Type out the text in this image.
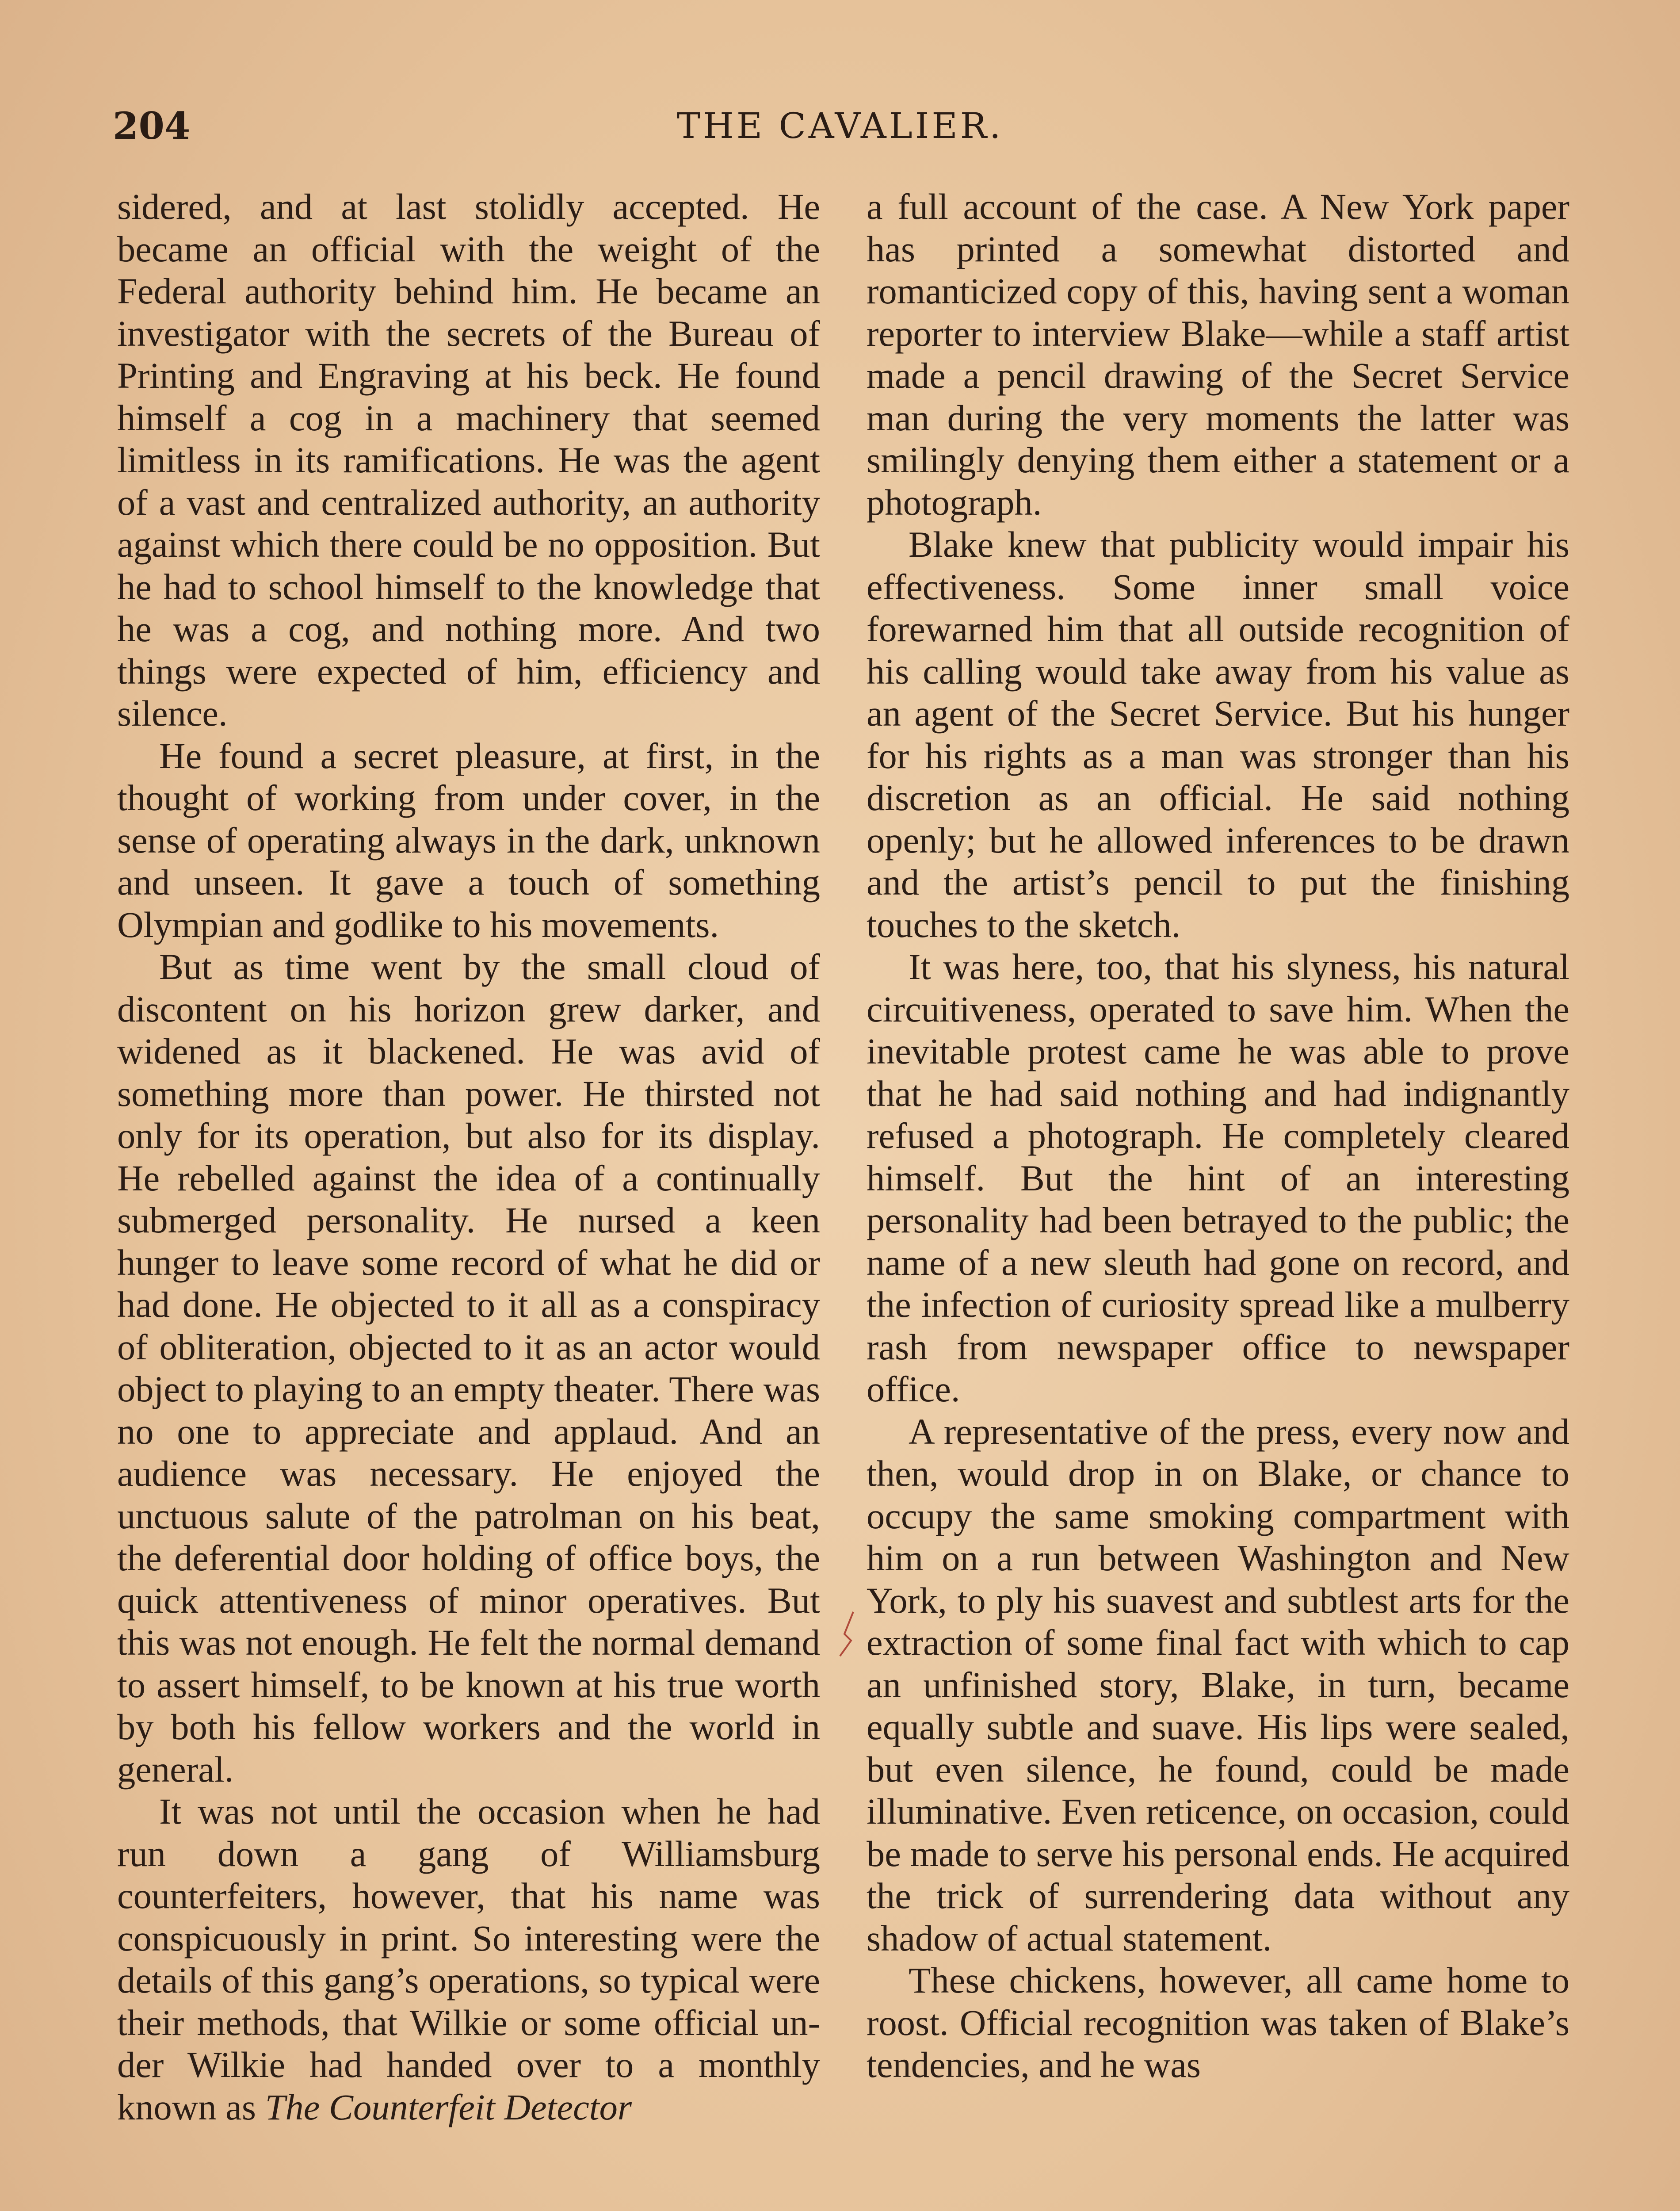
204	THE CAVALIER.

sidered, and at last stolidly accepted. He became an official with the weight of the Federal authority behind him. He became an investigator with the secrets of the Bureau of Printing and Engraving at his beck. He found himself a cog in a machinery that seemed limitless in its ramifications. He was the agent of a vast and centralized authority, an authority against which there could be no opposition. But he had to school himself to the knowledge that he was a cog, and nothing more. And two things were expected of him, efficiency and silence.

He found a secret pleasure, at first, in the thought of working from under cover, in the sense of operating always in the dark, unknown and unseen. It gave a touch of something Olympian and godlike to his movements.

But as time went by the small cloud of discontent on his horizon grew darker, and widened as it blackened. He was avid of something more than power. He thirsted not only for its operation, but also for its display. He rebelled against the idea of a continually submerged personality. He nursed a keen hunger to leave some record of what he did or had done. He objected to it all as a conspiracy of obliteration, objected to it as an actor would object to playing to an empty theater. There was no one to appreciate and applaud. And an audience was necessary. He enjoyed the unctuous salute of the patrolman on his beat, the deferential door holding of office boys, the quick attentiveness of minor operatives. But this was not enough. He felt the normal demand to assert himself, to be known at his true worth by both his fellow workers and the world in general.

It was not until the occasion when he had run down a gang of Williamsburg counterfeiters, however, that his name was conspicuously in print. So interesting were the details of this gang’s operations, so typical were their methods, that Wilkie or some official under Wilkie had handed over to a monthly known as The Counterfeit Detector

a full account of the case. A New York paper has printed a somewhat distorted and romanticized copy of this, having sent a woman reporter to interview Blake—while a staff artist made a pencil drawing of the Secret Service man during the very moments the latter was smilingly denying them either a statement or a photograph.

Blake knew that publicity would impair his effectiveness. Some inner small voice forewarned him that all outside recognition of his calling would take away from his value as an agent of the Secret Service. But his hunger for his rights as a man was stronger than his discretion as an official. He said nothing openly; but he allowed inferences to be drawn and the artist’s pencil to put the finishing touches to the sketch.

It was here, too, that his slyness, his natural circuitiveness, operated to save him. When the inevitable protest came he was able to prove that he had said nothing and had indignantly refused a photograph. He completely cleared himself. But the hint of an interesting personality had been betrayed to the public; the name of a new sleuth had gone on record, and the infection of curiosity spread like a mulberry rash from newspaper office to newspaper office.

A representative of the press, every now and then, would drop in on Blake, or chance to occupy the same smoking compartment with him on a run between Washington and New York, to ply his suavest and subtlest arts for the extraction of some final fact with which to cap an unfinished story, Blake, in turn, became equally subtle and suave. His lips were sealed, but even silence, he found, could be made illuminative. Even reticence, on occasion, could be made to serve his personal ends. He acquired the trick of surrendering data without any shadow of actual statement.

These chickens, however, all came home to roost. Official recognition was taken of Blake’s tendencies, and he was
